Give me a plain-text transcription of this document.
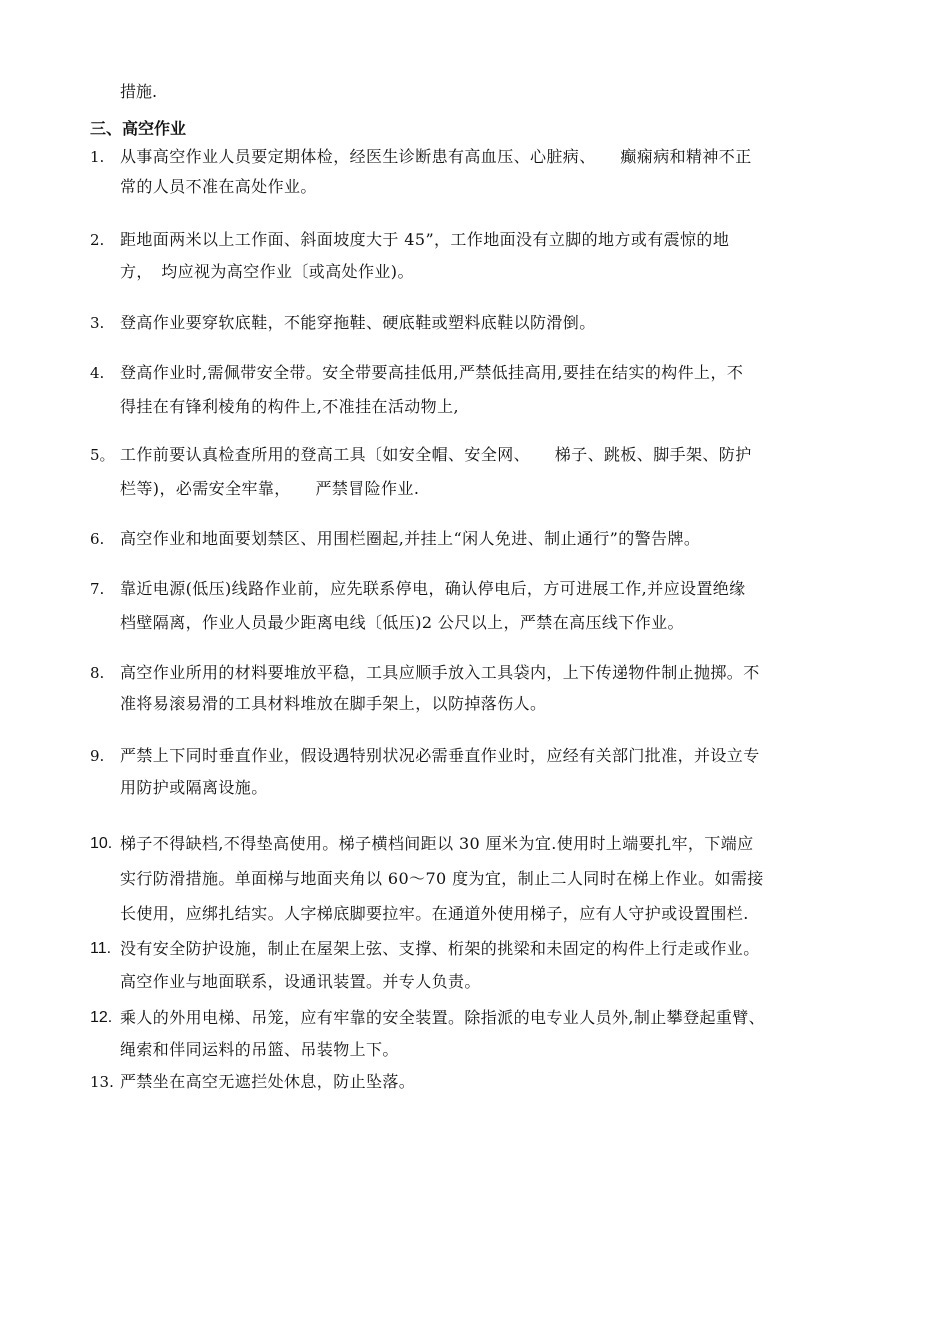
措施.
三、高空作业
1. 从事高空作业人员要定期体检，经医生诊断患有高血压、心脏病、　　癫痫病和精神不正
常的人员不准在高处作业。
2. 距地面两米以上工作面、斜面坡度大于 45”，工作地面没有立脚的地方或有震惊的地
方，　均应视为高空作业〔或高处作业)。
3. 登高作业要穿软底鞋，不能穿拖鞋、硬底鞋或塑料底鞋以防滑倒。
4. 登高作业时,需佩带安全带。安全带要高挂低用,严禁低挂高用,要挂在结实的构件上，不
得挂在有锋利棱角的构件上,不准挂在活动物上,
5。 工作前要认真检查所用的登高工具〔如安全帽、安全网、　　梯子、跳板、脚手架、防护
栏等)，必需安全牢靠，　　严禁冒险作业.
6. 高空作业和地面要划禁区、用围栏圈起,并挂上“闲人免进、制止通行”的警告牌。
7. 靠近电源(低压)线路作业前，应先联系停电，确认停电后，方可进展工作,并应设置绝缘
档壁隔离，作业人员最少距离电线〔低压)2 公尺以上，严禁在高压线下作业。
8. 高空作业所用的材料要堆放平稳，工具应顺手放入工具袋内，上下传递物件制止抛掷。不
准将易滚易滑的工具材料堆放在脚手架上，以防掉落伤人。
9. 严禁上下同时垂直作业，假设遇特别状况必需垂直作业时，应经有关部门批准，并设立专
用防护或隔离设施。
10. 梯子不得缺档,不得垫高使用。梯子横档间距以 30 厘米为宜.使用时上端要扎牢，下端应
实行防滑措施。单面梯与地面夹角以 60～70 度为宜，制止二人同时在梯上作业。如需接
长使用，应绑扎结实。人字梯底脚要拉牢。在通道外使用梯子，应有人守护或设置围栏.
11. 没有安全防护设施，制止在屋架上弦、支撑、桁架的挑梁和未固定的构件上行走或作业。
高空作业与地面联系，设通讯装置。并专人负责。
12. 乘人的外用电梯、吊笼，应有牢靠的安全装置。除指派的电专业人员外,制止攀登起重臂、
绳索和伴同运料的吊篮、吊装物上下。
13. 严禁坐在高空无遮拦处休息，防止坠落。
